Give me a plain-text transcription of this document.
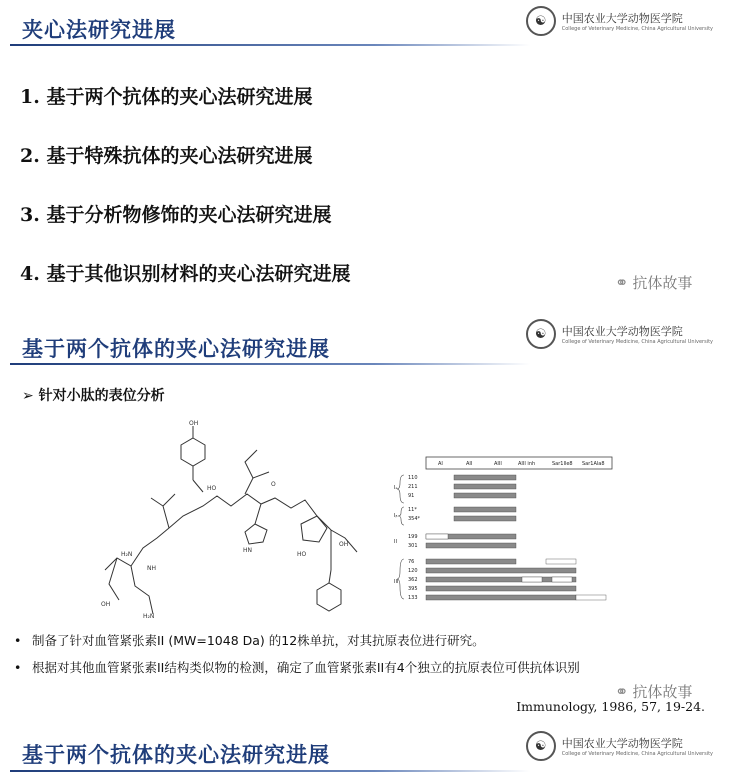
夹心法研究进展	☯	中国农业大学动物医学院
College of Veterinary Medicine, China Agricultural University
1. 基于两个抗体的夹心法研究进展
2. 基于特殊抗体的夹心法研究进展
3. 基于分析物修饰的夹心法研究进展
4. 基于其他识别材料的夹心法研究进展	⚭ 抗体故事
基于两个抗体的夹心法研究进展
☯	中国农业大学动物医学院
College of Veterinary Medicine, China Agricultural University
➢ 针对小肽的表位分析
OH
H₂N
OH
NH
H₂N
HN
HO
OH
HO
O
AI	AII	AIII	AIII inh	Sar1Ile8 Sar1Ala8
Iₐ
Iᵦ
II
III
110
211
91
11*
354*
199
301
76
120
362
395
133
• 制备了针对血管紧张素II (MW=1048 Da) 的12株单抗，对其抗原表位进行研究。
• 根据对其他血管紧张素II结构类似物的检测，确定了血管紧张素II有4个独立的抗原表位可供抗体识别
⚭ 抗体故事
Immunology, 1986, 57, 19-24.
基于两个抗体的夹心法研究进展	☯	中国农业大学动物医学院
College of Veterinary Medicine, China Agricultural University
